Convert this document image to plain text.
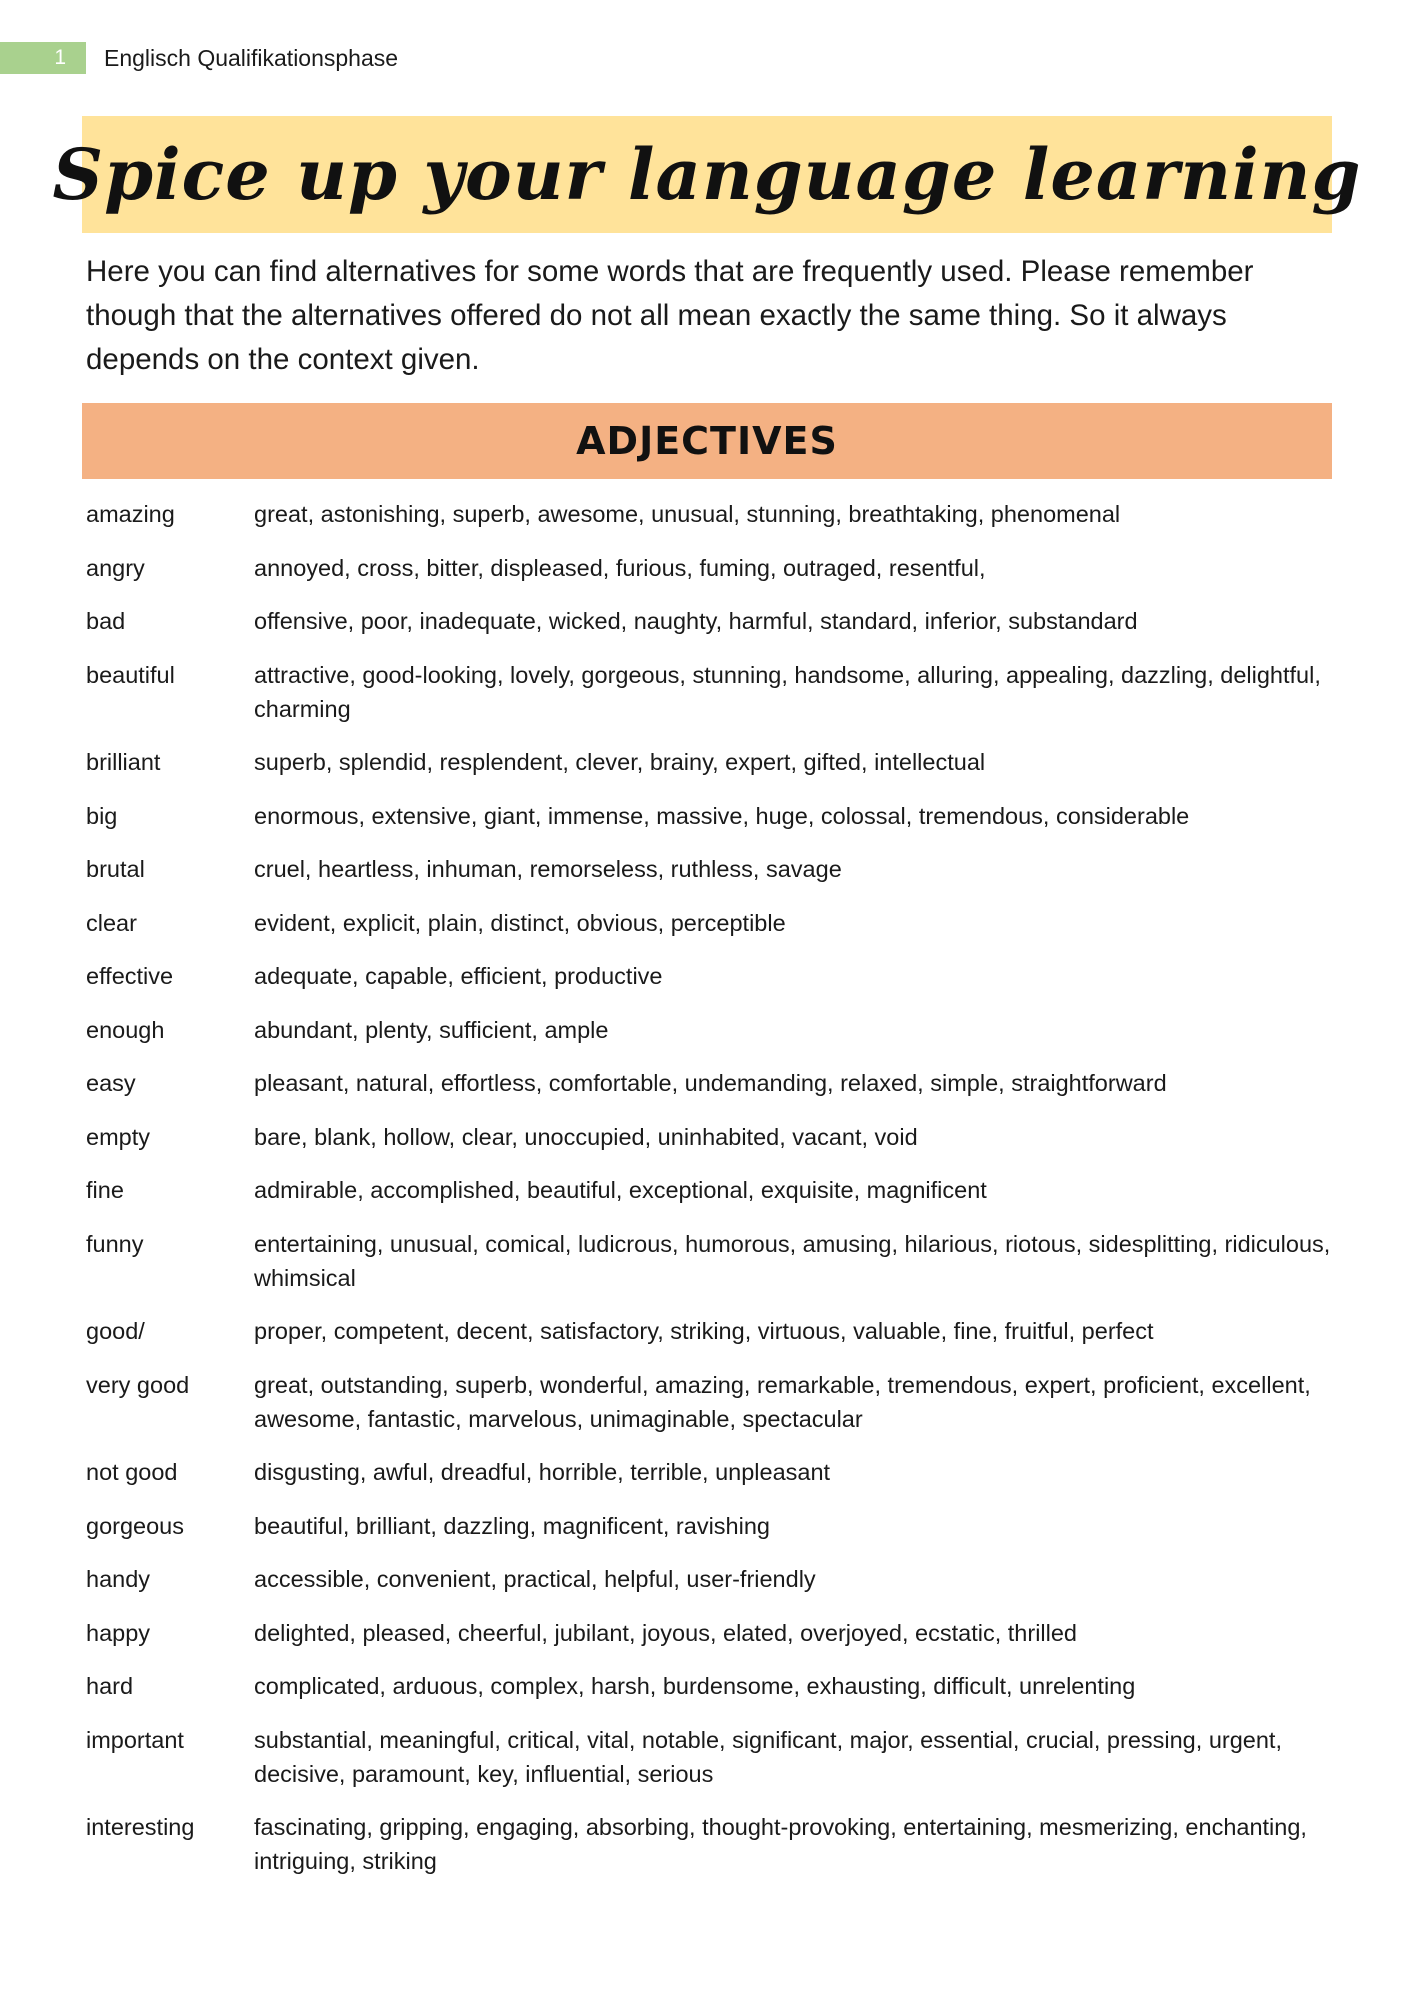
1 Englisch Qualifikationsphase
Spice up your language learning

Here you can find alternatives for some words that are frequently used. Please remember though that the alternatives offered do not all mean exactly the same thing. So it always depends on the context given.

ADJECTIVES
amazing	great, astonishing, superb, awesome, unusual, stunning, breathtaking, phenomenal
angry	annoyed, cross, bitter, displeased, furious, fuming, outraged, resentful,
bad	offensive, poor, inadequate, wicked, naughty, harmful, standard, inferior, substandard
beautiful	attractive, good-looking, lovely, gorgeous, stunning, handsome, alluring, appealing, dazzling, delightful, charming
brilliant	superb, splendid, resplendent, clever, brainy, expert, gifted, intellectual
big	enormous, extensive, giant, immense, massive, huge, colossal, tremendous, considerable
brutal	cruel, heartless, inhuman, remorseless, ruthless, savage
clear	evident, explicit, plain, distinct, obvious, perceptible
effective	adequate, capable, efficient, productive
enough	abundant, plenty, sufficient, ample
easy	pleasant, natural, effortless, comfortable, undemanding, relaxed, simple, straightforward
empty	bare, blank, hollow, clear, unoccupied, uninhabited, vacant, void
fine	admirable, accomplished, beautiful, exceptional, exquisite, magnificent
funny	entertaining, unusual, comical, ludicrous, humorous, amusing, hilarious, riotous, sidesplitting, ridiculous, whimsical
good/	proper, competent, decent, satisfactory, striking, virtuous, valuable, fine, fruitful, perfect
very good	great, outstanding, superb, wonderful, amazing, remarkable, tremendous, expert, proficient, excellent, awesome, fantastic, marvelous, unimaginable, spectacular
not good	disgusting, awful, dreadful, horrible, terrible, unpleasant
gorgeous	beautiful, brilliant, dazzling, magnificent, ravishing
handy	accessible, convenient, practical, helpful, user-friendly
happy	delighted, pleased, cheerful, jubilant, joyous, elated, overjoyed, ecstatic, thrilled
hard	complicated, arduous, complex, harsh, burdensome, exhausting, difficult, unrelenting
important	substantial, meaningful, critical, vital, notable, significant, major, essential, crucial, pressing, urgent, decisive, paramount, key, influential, serious
interesting	fascinating, gripping, engaging, absorbing, thought-provoking, entertaining, mesmerizing, enchanting, intriguing, striking
